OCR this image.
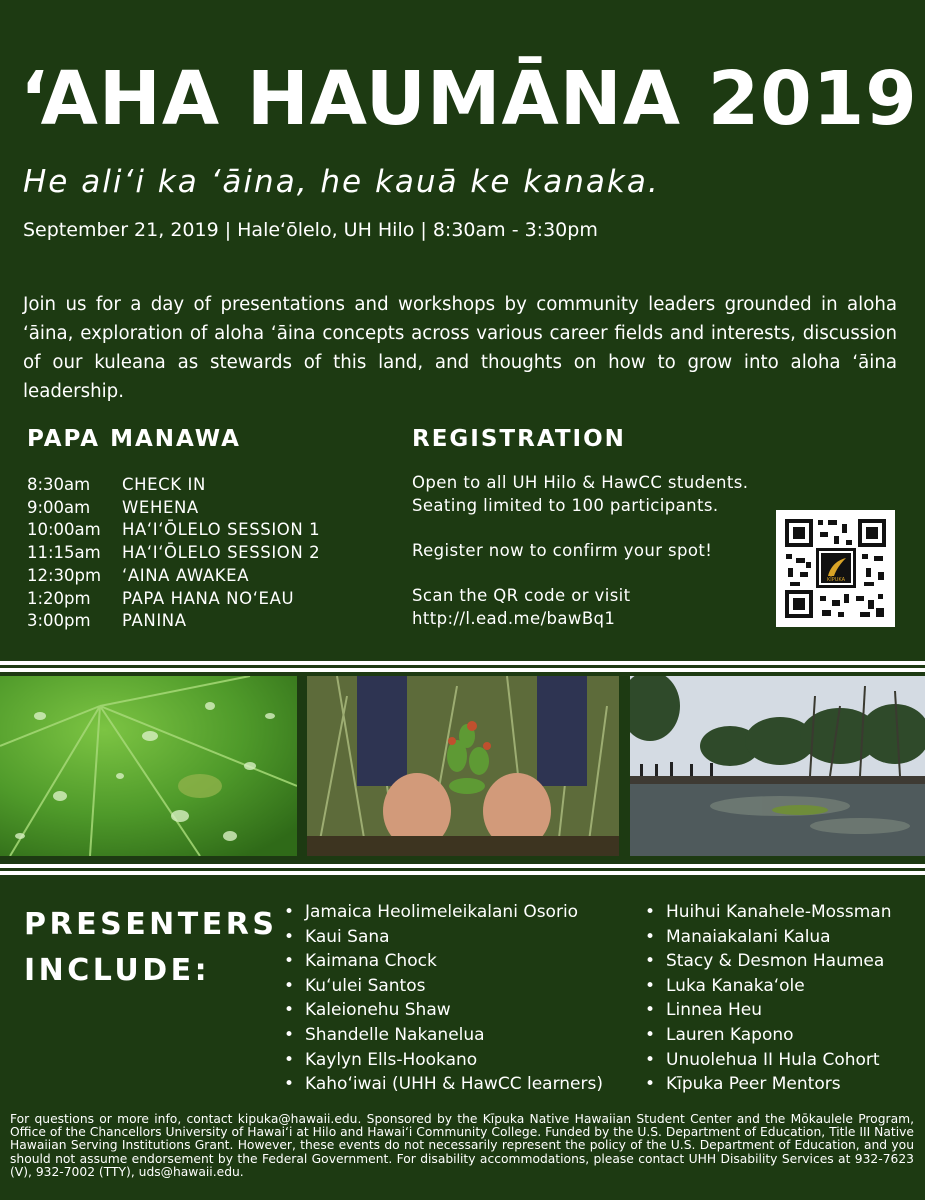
ʻAHA HAUMĀNA 2019
He aliʻi ka ʻāina, he kauā ke kanaka.
September 21, 2019 | Haleʻōlelo, UH Hilo | 8:30am - 3:30pm
Join us for a day of presentations and workshops by community leaders grounded in aloha ʻāina, exploration of aloha ʻāina concepts across various career fields and interests, discussion of our kuleana as stewards of this land, and thoughts on how to grow into aloha ʻāina leadership.
PAPA MANAWA
8:30am	CHECK IN
9:00am	WEHENA
10:00am	HAʻIʻŌLELO SESSION 1
11:15am	HAʻIʻŌLELO SESSION 2
12:30pm	ʻAINA AWAKEA
1:20pm	PAPA HANA NOʻEAU
3:00pm	PANINA
REGISTRATION
Open to all UH Hilo & HawCC students.
Seating limited to 100 participants.
Register now to confirm your spot!
Scan the QR code or visit
http://l.ead.me/bawBq1
KĪPUKA
PRESENTERS
INCLUDE:
• Jamaica Heolimeleikalani Osorio
• Kaui Sana
• Kaimana Chock
• Kuʻulei Santos
• Kaleionehu Shaw
• Shandelle Nakanelua
• Kaylyn Ells-Hookano
• Kahoʻiwai (UHH & HawCC learners)
• Huihui Kanahele-Mossman
• Manaiakalani Kalua
• Stacy & Desmon Haumea
• Luka Kanakaʻole
• Linnea Heu
• Lauren Kapono
• Unuolehua II Hula Cohort
• Kīpuka Peer Mentors
For questions or more info, contact kipuka@hawaii.edu. Sponsored by the Kīpuka Native Hawaiian Student Center and the Mōkaulele Program, Office of the Chancellors University of Hawaiʻi at Hilo and Hawaiʻi Community College. Funded by the U.S. Department of Education, Title III Native Hawaiian Serving Institutions Grant. However, these events do not necessarily represent the policy of the U.S. Department of Education, and you should not assume endorsement by the Federal Government. For disability accommodations, please contact UHH Disability Services at 932-7623 (V), 932-7002 (TTY), uds@hawaii.edu.
